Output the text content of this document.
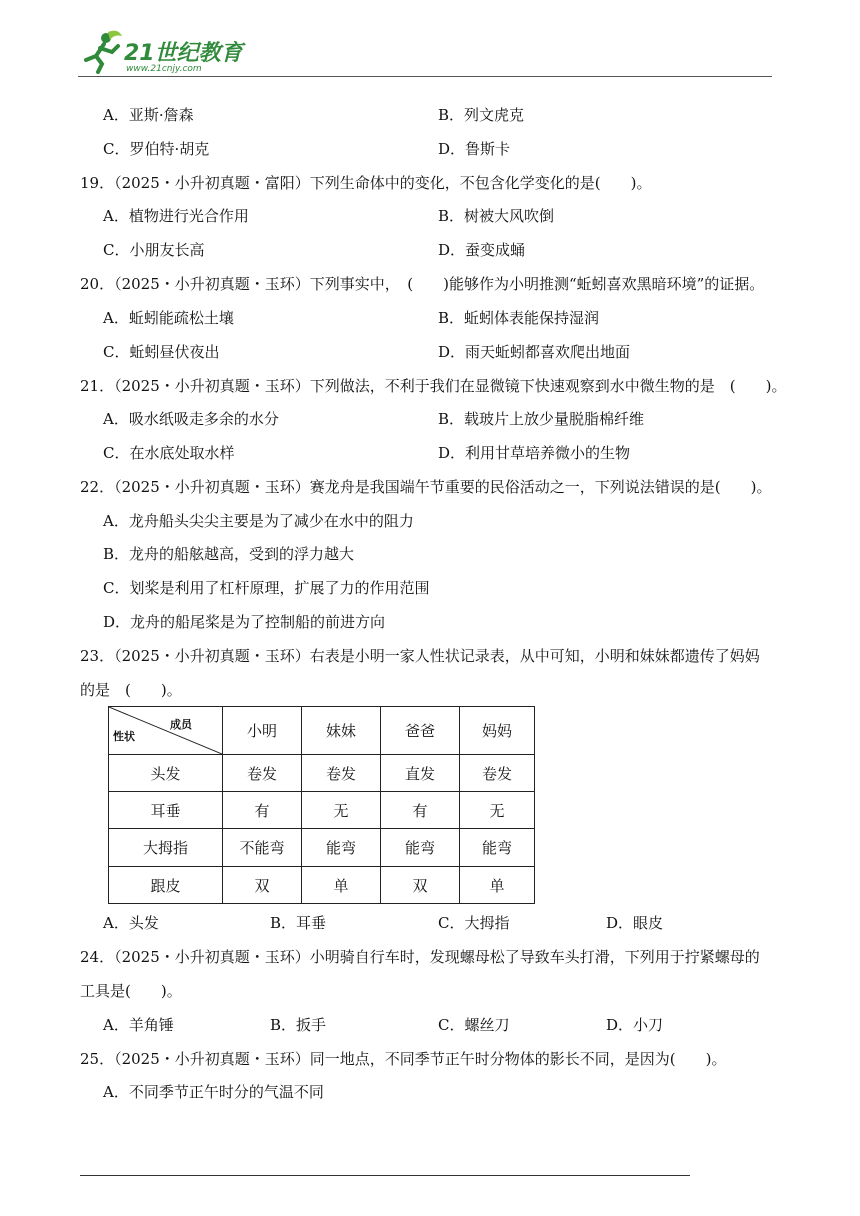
21世纪教育
www.21cnjy.com
A．亚斯·詹森	B．列文虎克
C．罗伯特·胡克	D．鲁斯卡
19．（2025・小升初真题・富阳）下列生命体中的变化，不包含化学变化的是(　　)。
A．植物进行光合作用	B．树被大风吹倒
C．小朋友长高	D．蚕变成蛹
20．（2025・小升初真题・玉环）下列事实中，　(　　)能够作为小明推测“蚯蚓喜欢黑暗环境”的证据。
A．蚯蚓能疏松土壤	B．蚯蚓体表能保持湿润
C．蚯蚓昼伏夜出	D．雨天蚯蚓都喜欢爬出地面
21．（2025・小升初真题・玉环）下列做法，不利于我们在显微镜下快速观察到水中微生物的是　(　　)。
A．吸水纸吸走多余的水分	B．载玻片上放少量脱脂棉纤维
C．在水底处取水样	D．利用甘草培养微小的生物
22．（2025・小升初真题・玉环）赛龙舟是我国端午节重要的民俗活动之一，下列说法错误的是(　　)。
A．龙舟船头尖尖主要是为了减少在水中的阻力
B．龙舟的船舷越高，受到的浮力越大
C．划桨是利用了杠杆原理，扩展了力的作用范围
D．龙舟的船尾桨是为了控制船的前进方向
23．（2025・小升初真题・玉环）右表是小明一家人性状记录表，从中可知，小明和妹妹都遗传了妈妈
的是　(　　)。
成员
性状	小明	妹妹	爸爸	妈妈
头发	卷发	卷发	直发	卷发
耳垂	有	无	有	无
大拇指	不能弯	能弯	能弯	能弯
跟皮	双	单	双	单
A．头发	B．耳垂	C．大拇指	D．眼皮
24．（2025・小升初真题・玉环）小明骑自行车时，发现螺母松了导致车头打滑，下列用于拧紧螺母的
工具是(　　)。
A．羊角锤	B．扳手	C．螺丝刀	D．小刀
25．（2025・小升初真题・玉环）同一地点，不同季节正午时分物体的影长不同，是因为(　　)。
A．不同季节正午时分的气温不同
